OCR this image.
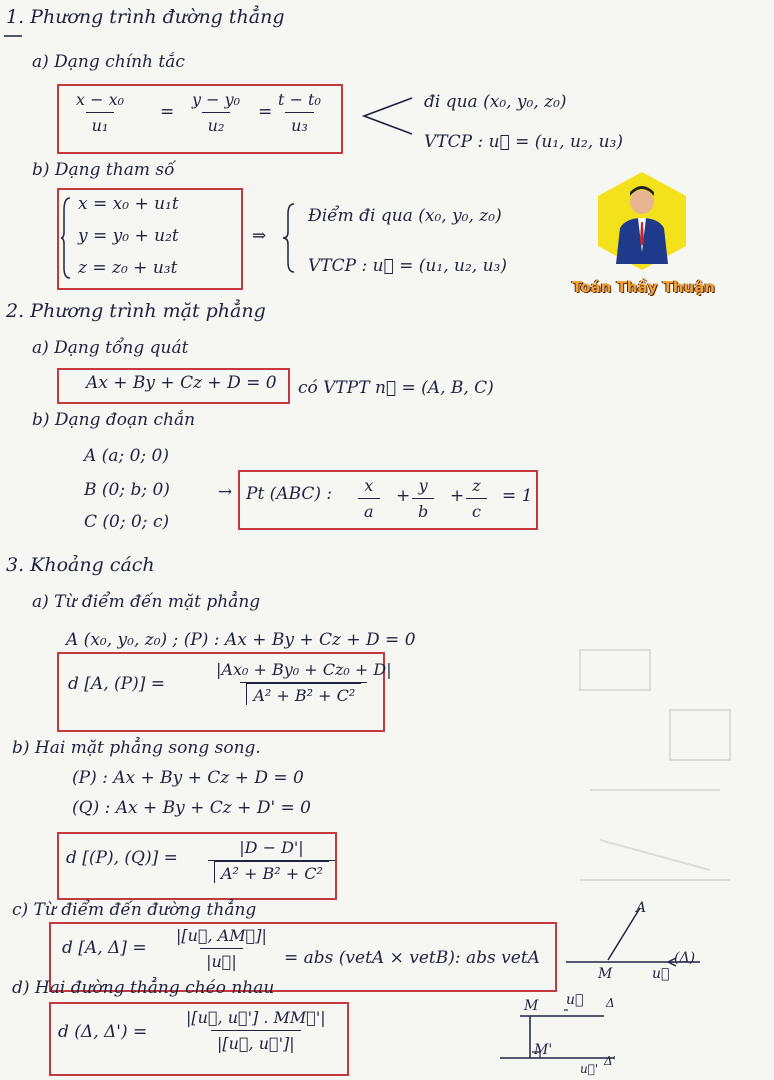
1. Phương trình đường thẳng
a) Dạng chính tắc
$\frac{\text{x − x₀}}{\text{u₁}} = \frac{\text{y − y₀}}{\text{u₂}} = \frac{\text{t − t₀}}{\text{u₃}}$	đi qua (x₀, y₀, z₀)
VTCP : u⃗ = (u₁, u₂, u₃)
b) Dạng tham số
x = x₀ + u₁t
y = y₀ + u₂t
z = z₀ + u₃t
⇒
Điểm đi qua (x₀, y₀, z₀)
VTCP : u⃗ = (u₁, u₂, u₃)
Toán Thầy Thuận
2. Phương trình mặt phẳng
a) Dạng tổng quát
Ax + By + Cz + D = 0 có VTPT n⃗ = (A, B, C)
b) Dạng đoạn chắn
A (a; 0; 0)
B (0; b; 0)
C (0; 0; c)
→ Pt (ABC) : $\frac{x}{a} + \frac{y}{b} + \frac{z}{c} = 1$
3. Khoảng cách
a) Từ điểm đến mặt phẳng
A (x₀, y₀, z₀) ; (P) : Ax + By + Cz + D = 0
d [A, (P)] =	$\frac{\text{|Ax₀ + By₀ + Cz₀ + D|}}{\text{A² + B² + C²}}$
b) Hai mặt phẳng song song.
(P) : Ax + By + Cz + D = 0
(Q) : Ax + By + Cz + D' = 0
d [(P), $(Q)] = \frac{|D - D'|}{\text{A² + B² + C²}}$
c) Từ điểm đến đường thẳng
d [A, $\Delta] = \frac{|[u⃗, AM⃗]|}{|u⃗|}$ = abs (vetA × vetB): abs vetA
A
M	u⃗
(Δ)
d) Hai đường thẳng chéo nhau
d (Δ, $\Delta') = \frac{|[u⃗, u⃗'] . MM⃗'|}{|[u⃗, u⃗']|}$
M u⃗ Δ
M'
u⃗'
Δ'
